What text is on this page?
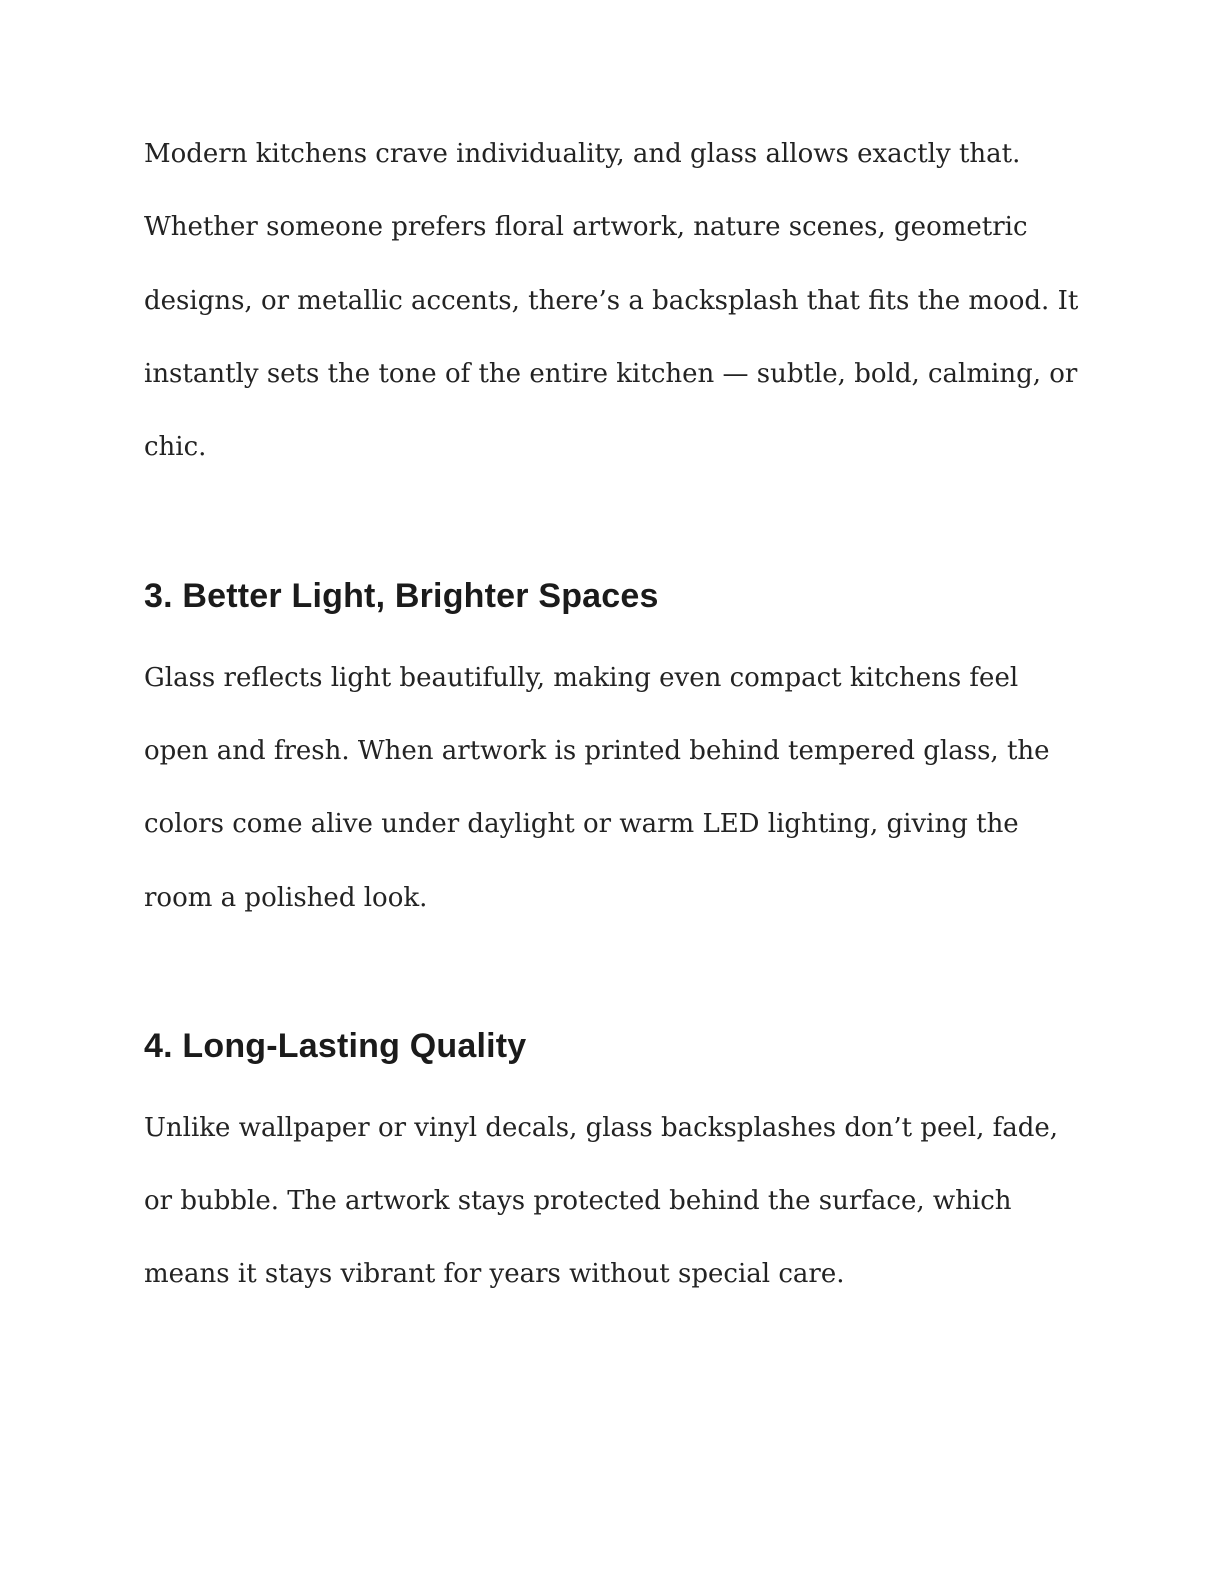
Modern kitchens crave individuality, and glass allows exactly that. Whether someone prefers floral artwork, nature scenes, geometric designs, or metallic accents, there’s a backsplash that fits the mood. It instantly sets the tone of the entire kitchen — subtle, bold, calming, or chic.

3. Better Light, Brighter Spaces

Glass reflects light beautifully, making even compact kitchens feel open and fresh. When artwork is printed behind tempered glass, the colors come alive under daylight or warm LED lighting, giving the room a polished look.

4. Long-Lasting Quality

Unlike wallpaper or vinyl decals, glass backsplashes don’t peel, fade, or bubble. The artwork stays protected behind the surface, which means it stays vibrant for years without special care.
